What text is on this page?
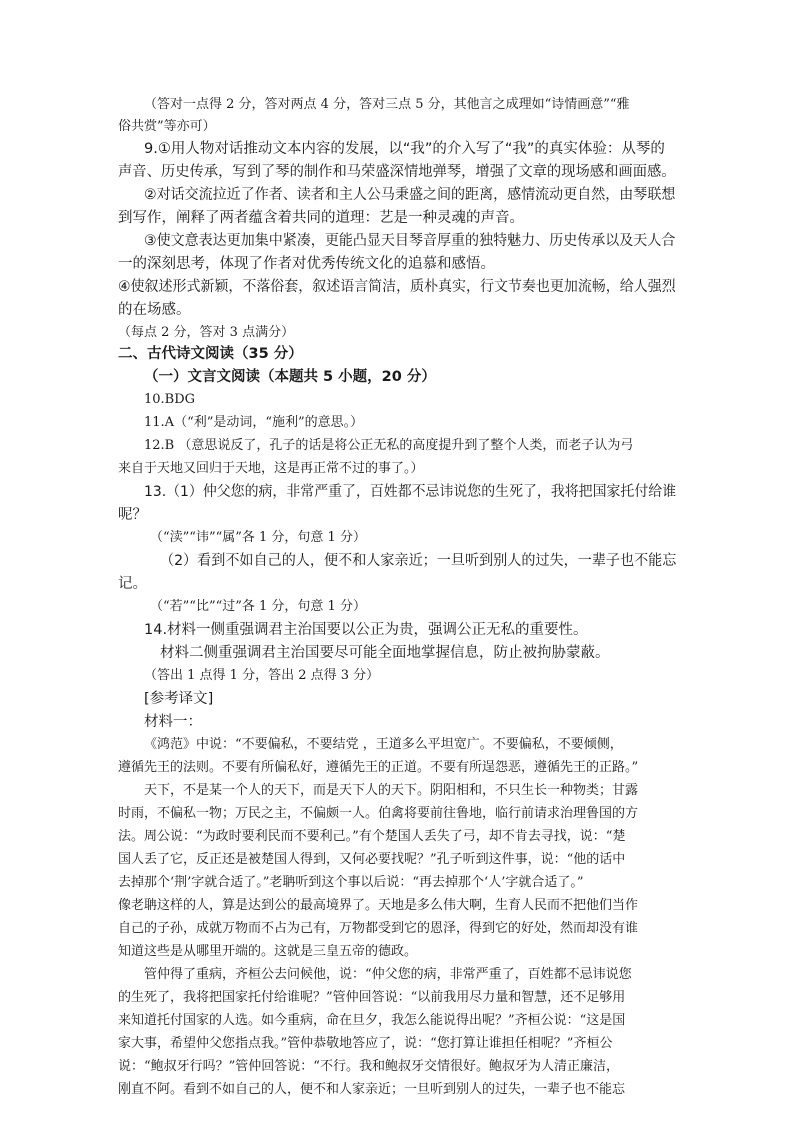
（答对一点得 2 分，答对两点 4 分，答对三点 5 分，其他言之成理如“诗情画意”“雅
俗共赏”等亦可）
9.①用人物对话推动文本内容的发展，以“我”的介入写了“我”的真实体验：从琴的
声音、历史传承，写到了琴的制作和马荣盛深情地弹琴，增强了文章的现场感和画面感。
②对话交流拉近了作者、读者和主人公马秉盛之间的距离，感情流动更自然，由琴联想
到写作，阐释了两者蕴含着共同的道理：艺是一种灵魂的声音。
③使文意表达更加集中紧凑，更能凸显天目琴音厚重的独特魅力、历史传承以及天人合
一的深刻思考，体现了作者对优秀传统文化的追慕和感悟。
④使叙述形式新颖，不落俗套，叙述语言简洁，质朴真实，行文节奏也更加流畅，给人强烈
的在场感。
（每点 2 分，答对 3 点满分）
二、古代诗文阅读（35 分）
（一）文言文阅读（本题共 5 小题，20 分）
10.BDG
11.A（“利”是动词，“施利”的意思。）
12.B （意思说反了，孔子的话是将公正无私的高度提升到了整个人类，而老子认为弓
来自于天地又回归于天地，这是再正常不过的事了。）
13.（1）仲父您的病，非常严重了，百姓都不忌讳说您的生死了，我将把国家托付给谁
呢？
（“渎”“讳”“属”各 1 分，句意 1 分）
（2）看到不如自己的人，便不和人家亲近；一旦听到别人的过失，一辈子也不能忘
记。
（“若”“比”“过”各 1 分，句意 1 分）
14.材料一侧重强调君主治国要以公正为贵，强调公正无私的重要性。
材料二侧重强调君主治国要尽可能全面地掌握信息，防止被拘胁蒙蔽。
（答出 1 点得 1 分，答出 2 点得 3 分）
[参考译文]
材料一：
《鸿范》中说：“不要偏私，不要结党 ，王道多么平坦宽广。不要偏私，不要倾侧，
遵循先王的法则。不要有所偏私好，遵循先王的正道。不要有所逞怨恶，遵循先王的正路。”
天下，不是某一个人的天下，而是天下人的天下。阴阳相和，不只生长一种物类；甘露
时雨，不偏私一物；万民之主，不偏颇一人。伯禽将要前往鲁地，临行前请求治理鲁国的方
法。周公说：“为政时要利民而不要利己。”有个楚国人丢失了弓，却不肯去寻找，说：“楚
国人丢了它，反正还是被楚国人得到，又何必要找呢？”孔子听到这件事，说：“他的话中
去掉那个‘荆’字就合适了。”老聃听到这个事以后说：“再去掉那个‘人’字就合适了。”
像老聃这样的人，算是达到公的最高境界了。天地是多么伟大啊，生育人民而不把他们当作
自己的子孙，成就万物而不占为己有，万物都受到它的恩泽，得到它的好处，然而却没有谁
知道这些是从哪里开端的。这就是三皇五帝的德政。
管仲得了重病，齐桓公去问候他，说：“仲父您的病，非常严重了，百姓都不忌讳说您
的生死了，我将把国家托付给谁呢？”管仲回答说：“以前我用尽力量和智慧，还不足够用
来知道托付国家的人选。如今重病，命在旦夕，我怎么能说得出呢？”齐桓公说：“这是国
家大事，希望仲父您指点我。”管仲恭敬地答应了，说：“您打算让谁担任相呢？”齐桓公
说：“鲍叔牙行吗？”管仲回答说：“不行。我和鲍叔牙交情很好。鲍叔牙为人清正廉洁，
刚直不阿。看到不如自己的人，便不和人家亲近；一旦听到别人的过失，一辈子也不能忘
